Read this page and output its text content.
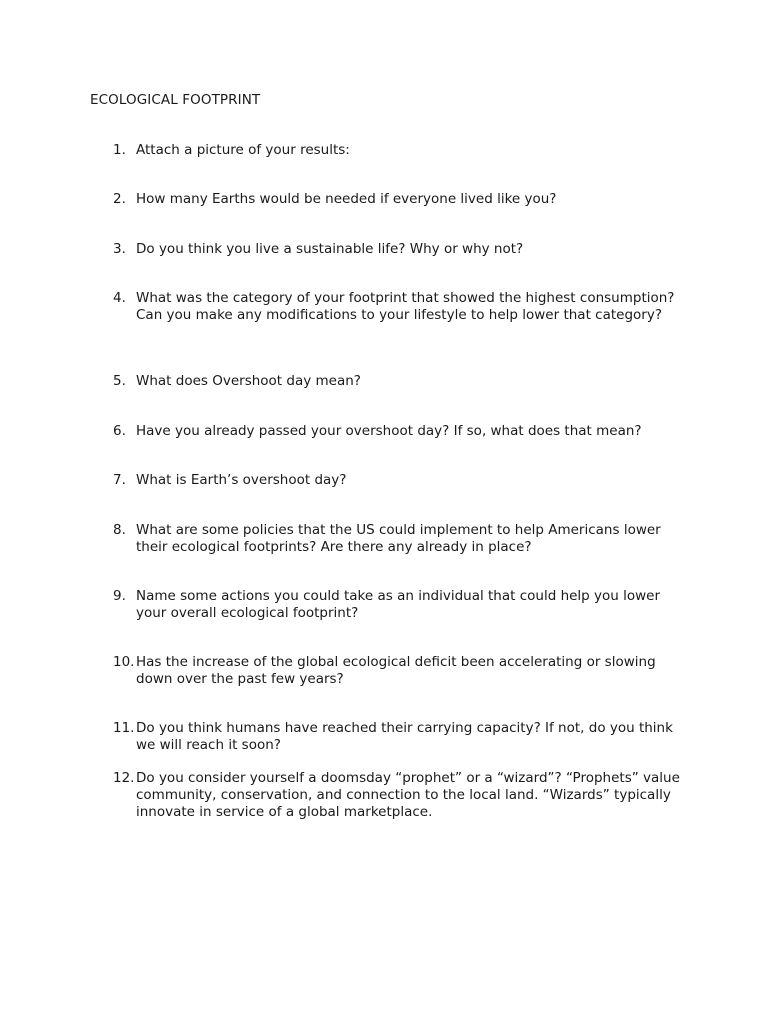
ECOLOGICAL FOOTPRINT
1. Attach a picture of your results:
2. How many Earths would be needed if everyone lived like you?
3. Do you think you live a sustainable life? Why or why not?
4. What was the category of your footprint that showed the highest consumption? Can you make any modifications to your lifestyle to help lower that category?
5. What does Overshoot day mean?
6. Have you already passed your overshoot day? If so, what does that mean?
7. What is Earth’s overshoot day?
8. What are some policies that the US could implement to help Americans lower their ecological footprints? Are there any already in place?
9. Name some actions you could take as an individual that could help you lower your overall ecological footprint?
10. Has the increase of the global ecological deficit been accelerating or slowing down over the past few years?
11. Do you think humans have reached their carrying capacity? If not, do you think we will reach it soon?
12. Do you consider yourself a doomsday “prophet” or a “wizard”? “Prophets” value community, conservation, and connection to the local land. “Wizards” typically innovate in service of a global marketplace.
